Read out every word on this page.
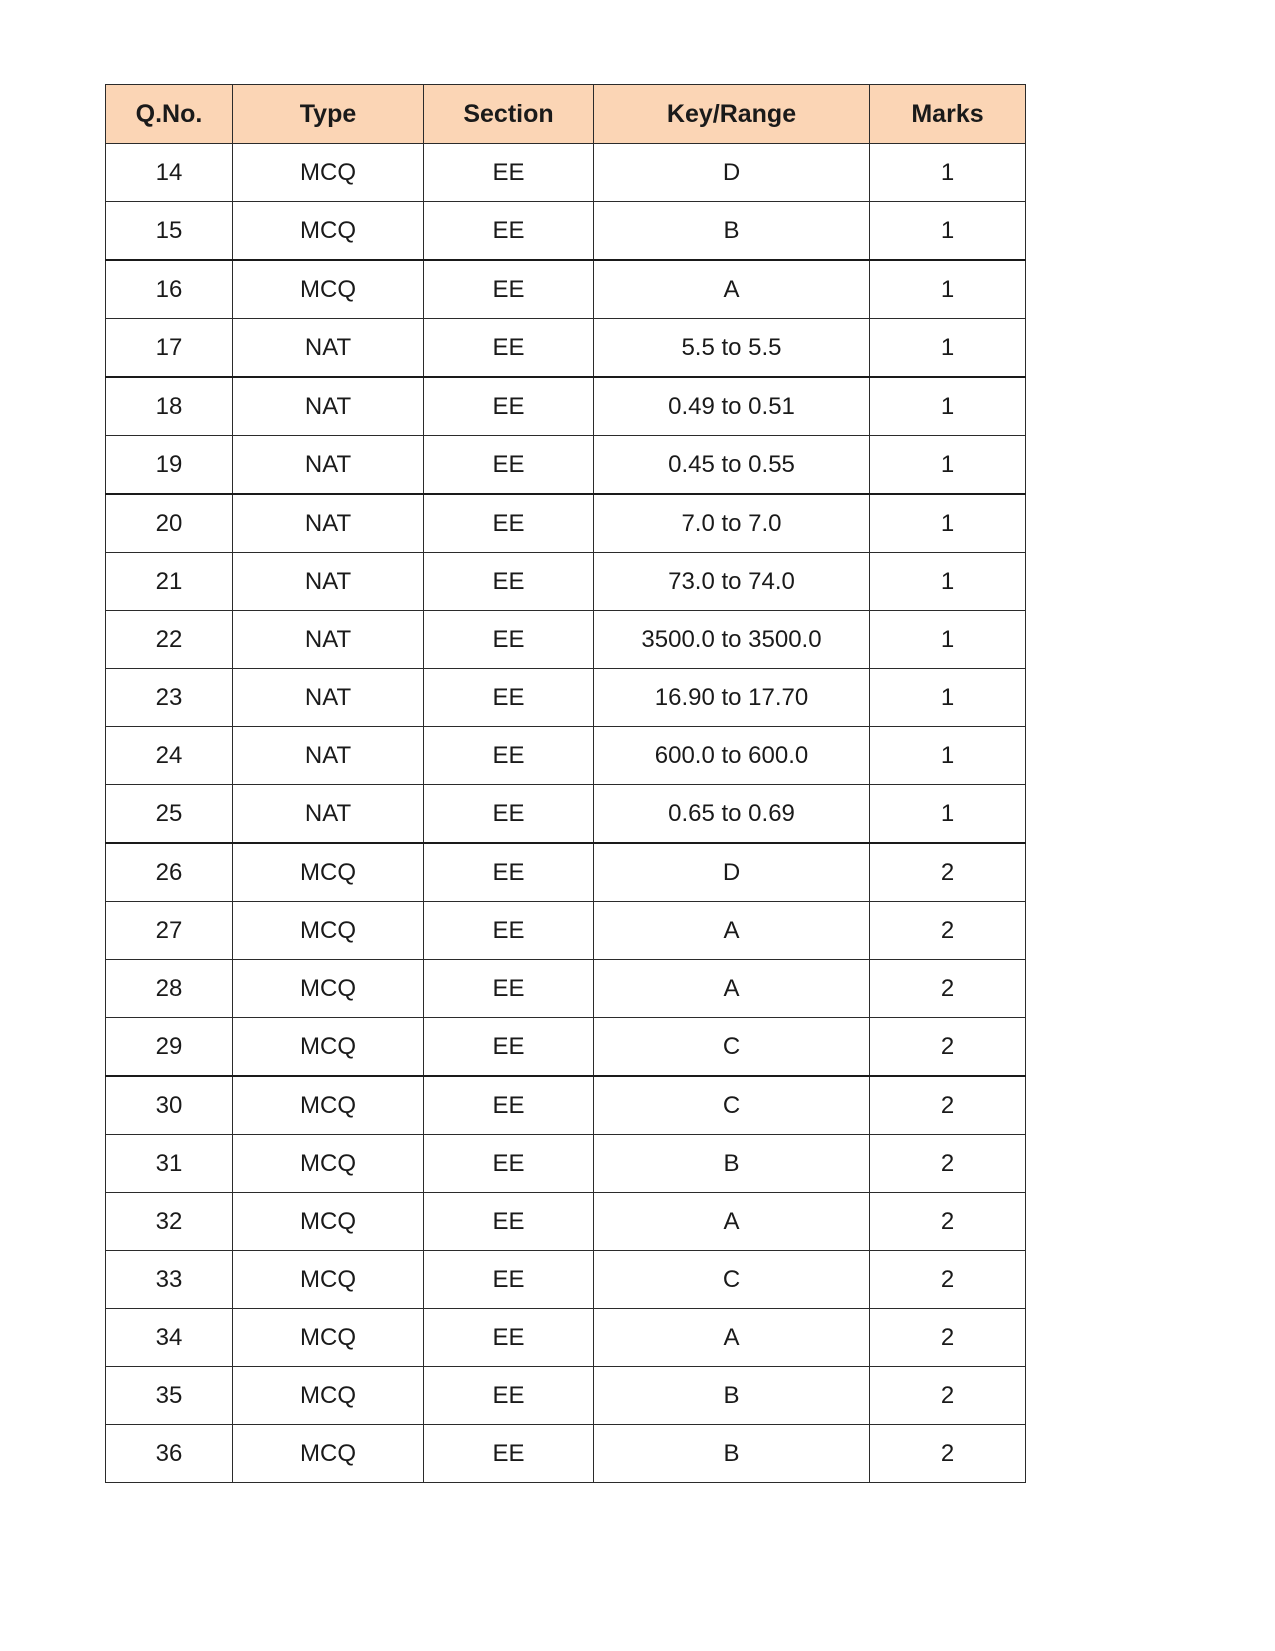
Q.No.	Type	Section	Key/Range	Marks
14	MCQ	EE	D	1
15	MCQ	EE	B	1
16	MCQ	EE	A	1
17	NAT	EE	5.5 to 5.5	1
18	NAT	EE	0.49 to 0.51	1
19	NAT	EE	0.45 to 0.55	1
20	NAT	EE	7.0 to 7.0	1
21	NAT	EE	73.0 to 74.0	1
22	NAT	EE	3500.0 to 3500.0	1
23	NAT	EE	16.90 to 17.70	1
24	NAT	EE	600.0 to 600.0	1
25	NAT	EE	0.65 to 0.69	1
26	MCQ	EE	D	2
27	MCQ	EE	A	2
28	MCQ	EE	A	2
29	MCQ	EE	C	2
30	MCQ	EE	C	2
31	MCQ	EE	B	2
32	MCQ	EE	A	2
33	MCQ	EE	C	2
34	MCQ	EE	A	2
35	MCQ	EE	B	2
36	MCQ	EE	B	2
